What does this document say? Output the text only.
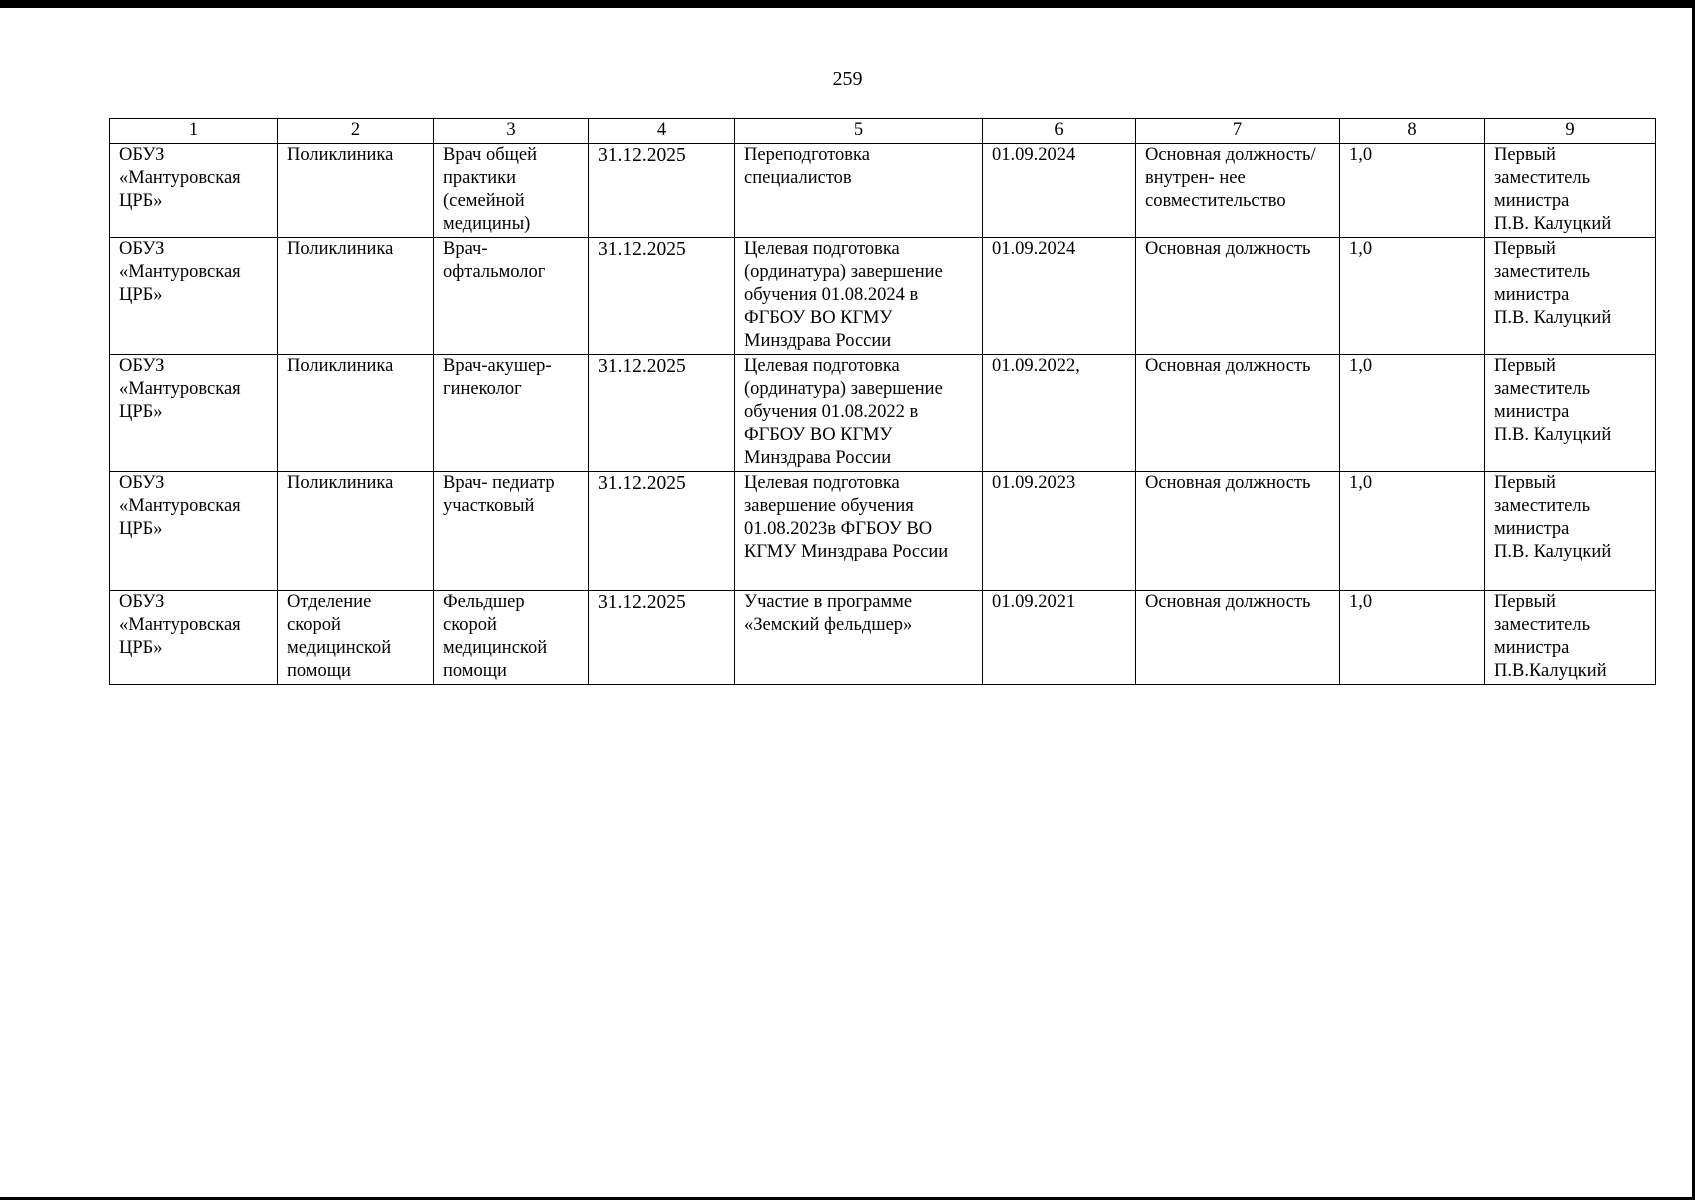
259
1	2	3	4	5	6	7	8	9
ОБУЗ «Мантуровская ЦРБ»	Поликлиника	Врач общей практики (семейной медицины)	31.12.2025	Переподготовка специалистов	01.09.2024	Основная должность/внутрен- нее совместительство	1,0	Первый
заместитель
министра
П.В. Калуцкий

ОБУЗ «Мантуровская ЦРБ»	Поликлиника	Врач- офтальмолог	31.12.2025	Целевая подготовка (ординатура) завершение обучения 01.08.2024 в ФГБОУ ВО КГМУ Минздрава России	01.09.2024	Основная должность	1,0	Первый
заместитель
министра
П.В. Калуцкий

ОБУЗ «Мантуровская ЦРБ»	Поликлиника	Врач-акушер- гинеколог	31.12.2025	Целевая подготовка (ординатура) завершение обучения 01.08.2022 в ФГБОУ ВО КГМУ Минздрава России	01.09.2022,	Основная должность	1,0	Первый
заместитель
министра
П.В. Калуцкий

ОБУЗ «Мантуровская ЦРБ»	Поликлиника	Врач- педиатр участковый	31.12.2025	Целевая подготовка завершение обучения 01.08.2023в ФГБОУ ВО КГМУ Минздрава России	01.09.2023	Основная должность	1,0	Первый
заместитель
министра
П.В. Калуцкий

ОБУЗ «Мантуровская ЦРБ»	Отделение скорой медицинской помощи	Фельдшер скорой медицинской помощи	31.12.2025	Участие в программе «Земский фельдшер»	01.09.2021	Основная должность	1,0	Первый
заместитель
министра
П.В.Калуцкий
